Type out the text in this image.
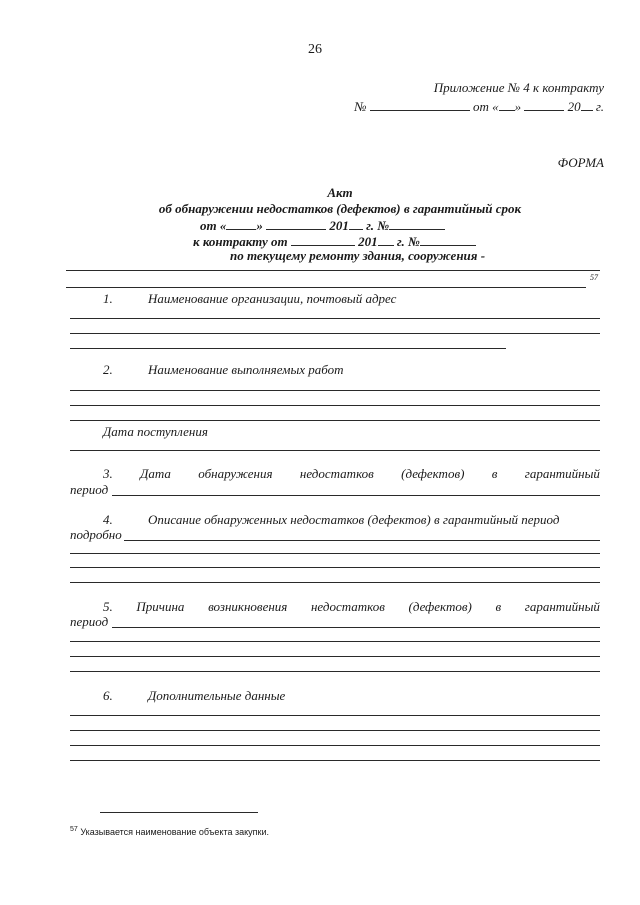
26
Приложение № 4 к контракту
№	от « »	20 г.
ФОРМА
Акт
об обнаружении недостатков (дефектов) в гарантийный срок
от « »	201 г. №
к контракту от	201 г. №
по текущему ремонту здания, сооружения -
57
1.	Наименование организации, почтовый адрес
2.	Наименование выполняемых работ
Дата поступления
3. Дата обнаружения недостатков (дефектов) в гарантийный
период
4.	Описание обнаруженных недостатков (дефектов) в гарантийный период
подробно
5. Причина возникновения недостатков (дефектов) в гарантийный
период
6.	Дополнительные данные
$^{57}$ Указывается наименование объекта закупки.
